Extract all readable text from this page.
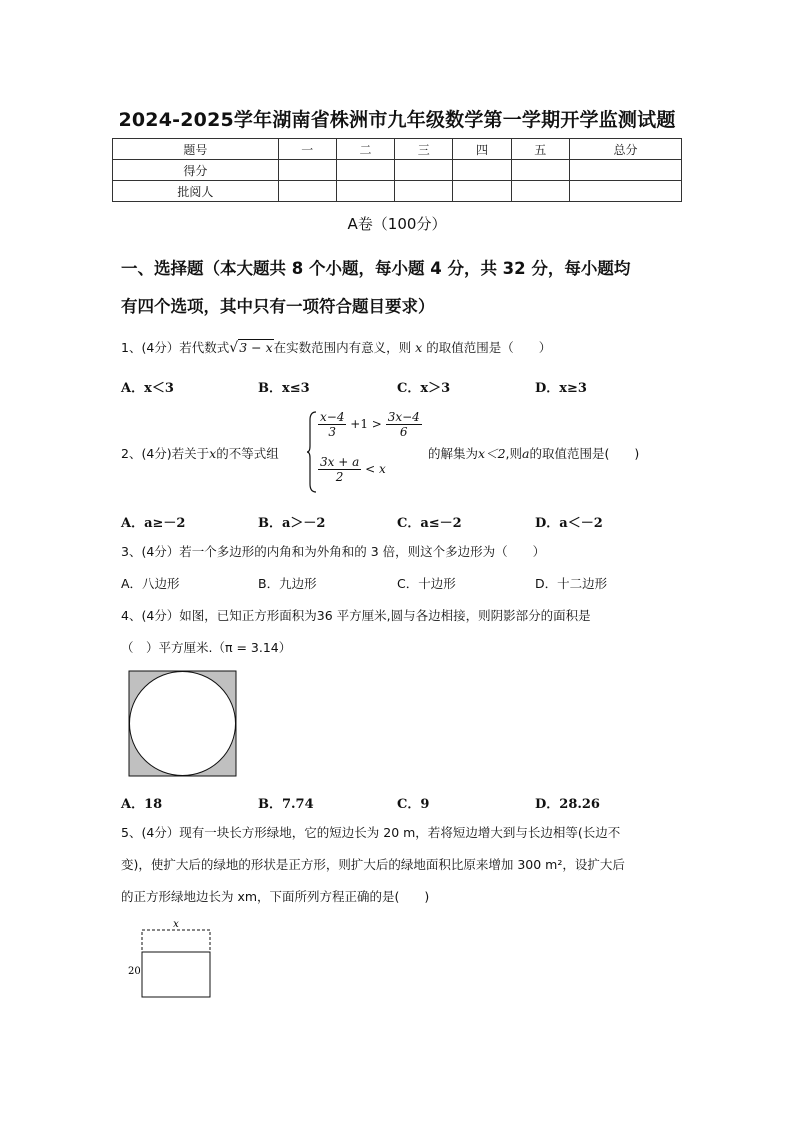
2024-2025学年湖南省株洲市九年级数学第一学期开学监测试题
题号	一	二	三	四	五	总分
得分						
批阅人						
A卷（100分）
一、选择题（本大题共 8 个小题，每小题 4 分，共 32 分，每小题均
有四个选项，其中只有一项符合题目要求）
1、(4分）若代数式√3 − x在实数范围内有意义，则 x 的取值范围是（　　）
A．x＜3	B．x≤3	C．x＞3	D．x≥3
2、(4分)若关于x的不等式组
$\frac{x-4}{3} +1 > \frac{3x-4}{6}$
$\frac{3x + a}{2} < x$
的解集为x＜2,则a的取值范围是(　　)
A．a≥－2	B．a＞－2	C．a≤－2	D．a＜－2
3、(4分）若一个多边形的内角和为外角和的 3 倍，则这个多边形为（　　）
A．八边形	B．九边形	C．十边形	D．十二边形
4、(4分）如图，已知正方形面积为36 平方厘米,圆与各边相接，则阴影部分的面积是
（　）平方厘米.（π = 3.14）
A．18	B．7.74	C．9	D．28.26
5、(4分）现有一块长方形绿地，它的短边长为 20 m，若将短边增大到与长边相等(长边不
变)，使扩大后的绿地的形状是正方形，则扩大后的绿地面积比原来增加 300 m²，设扩大后
的正方形绿地边长为 xm，下面所列方程正确的是(　　)
x
20
